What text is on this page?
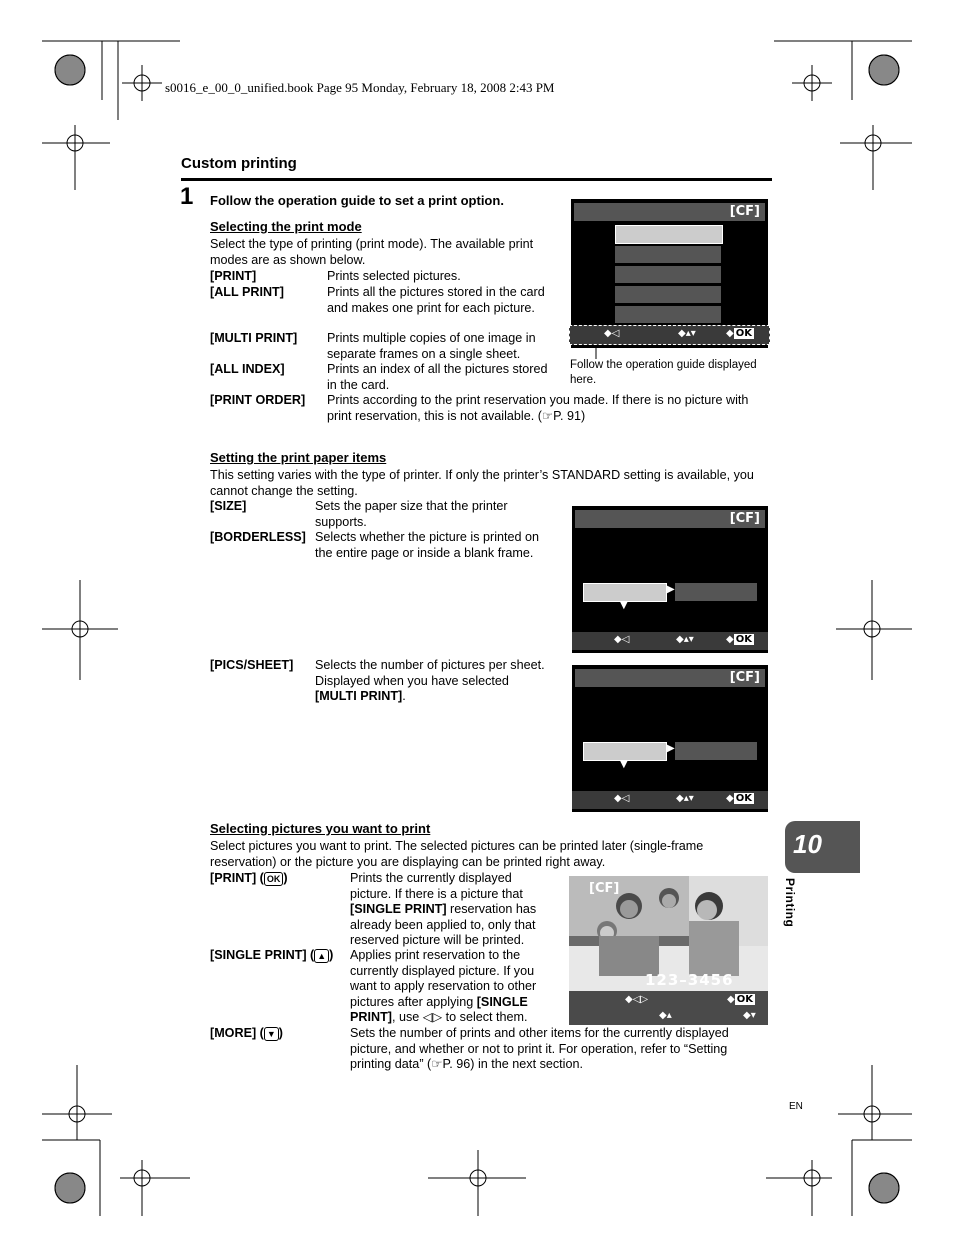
s0016_e_00_0_unified.book Page 95 Monday, February 18, 2008 2:43 PM
Custom printing
1 Follow the operation guide to set a print option.
Selecting the print mode
Select the type of printing (print mode). The available print modes are as shown below.
[PRINT]	Prints selected pictures.
[ALL PRINT]	Prints all the pictures stored in the card and makes one print for each picture.
[MULTI PRINT] Prints multiple copies of one image in separate frames on a single sheet.
[ALL INDEX]	Prints an index of all the pictures stored in the card.
[PRINT ORDER] Prints according to the print reservation you made. If there is no picture with print reservation, this is not available. (☞P. 91)
[CF]
◆◁	◆▴▾	◆ OK
Follow the operation guide displayed here.
Setting the print paper items
This setting varies with the type of printer. If only the printer’s STANDARD setting is available, you cannot change the setting.
[SIZE]	Sets the paper size that the printer supports.
[BORDERLESS] Selects whether the picture is printed on the entire page or inside a blank frame.
[CF]
▶
▼
◆◁	◆▴▾	◆ OK
[PICS/SHEET] Selects the number of pictures per sheet. Displayed when you have selected [MULTI PRINT].
[CF]
▶
▼
◆◁	◆▴▾	◆ OK
Selecting pictures you want to print
Select pictures you want to print. The selected pictures can be printed later (single-frame reservation) or the picture you are displaying can be printed right away.
[PRINT] ( OK )	Prints the currently displayed picture. If there is a picture that [SINGLE PRINT] reservation has already been applied to, only that reserved picture will be printed.
[SINGLE PRINT] ( ▲ ) Applies print reservation to the currently displayed picture. If you want to apply reservation to other pictures after applying [SINGLE PRINT], use ◁▷ to select them.
[MORE] ( ▼ )	Sets the number of prints and other items for the currently displayed picture, and whether or not to print it. For operation, refer to “Setting printing data” (☞P. 96) in the next section.
[CF]
123–3456
◆◁▷	◆ OK
◆▴	◆▾
10
Printing
EN
